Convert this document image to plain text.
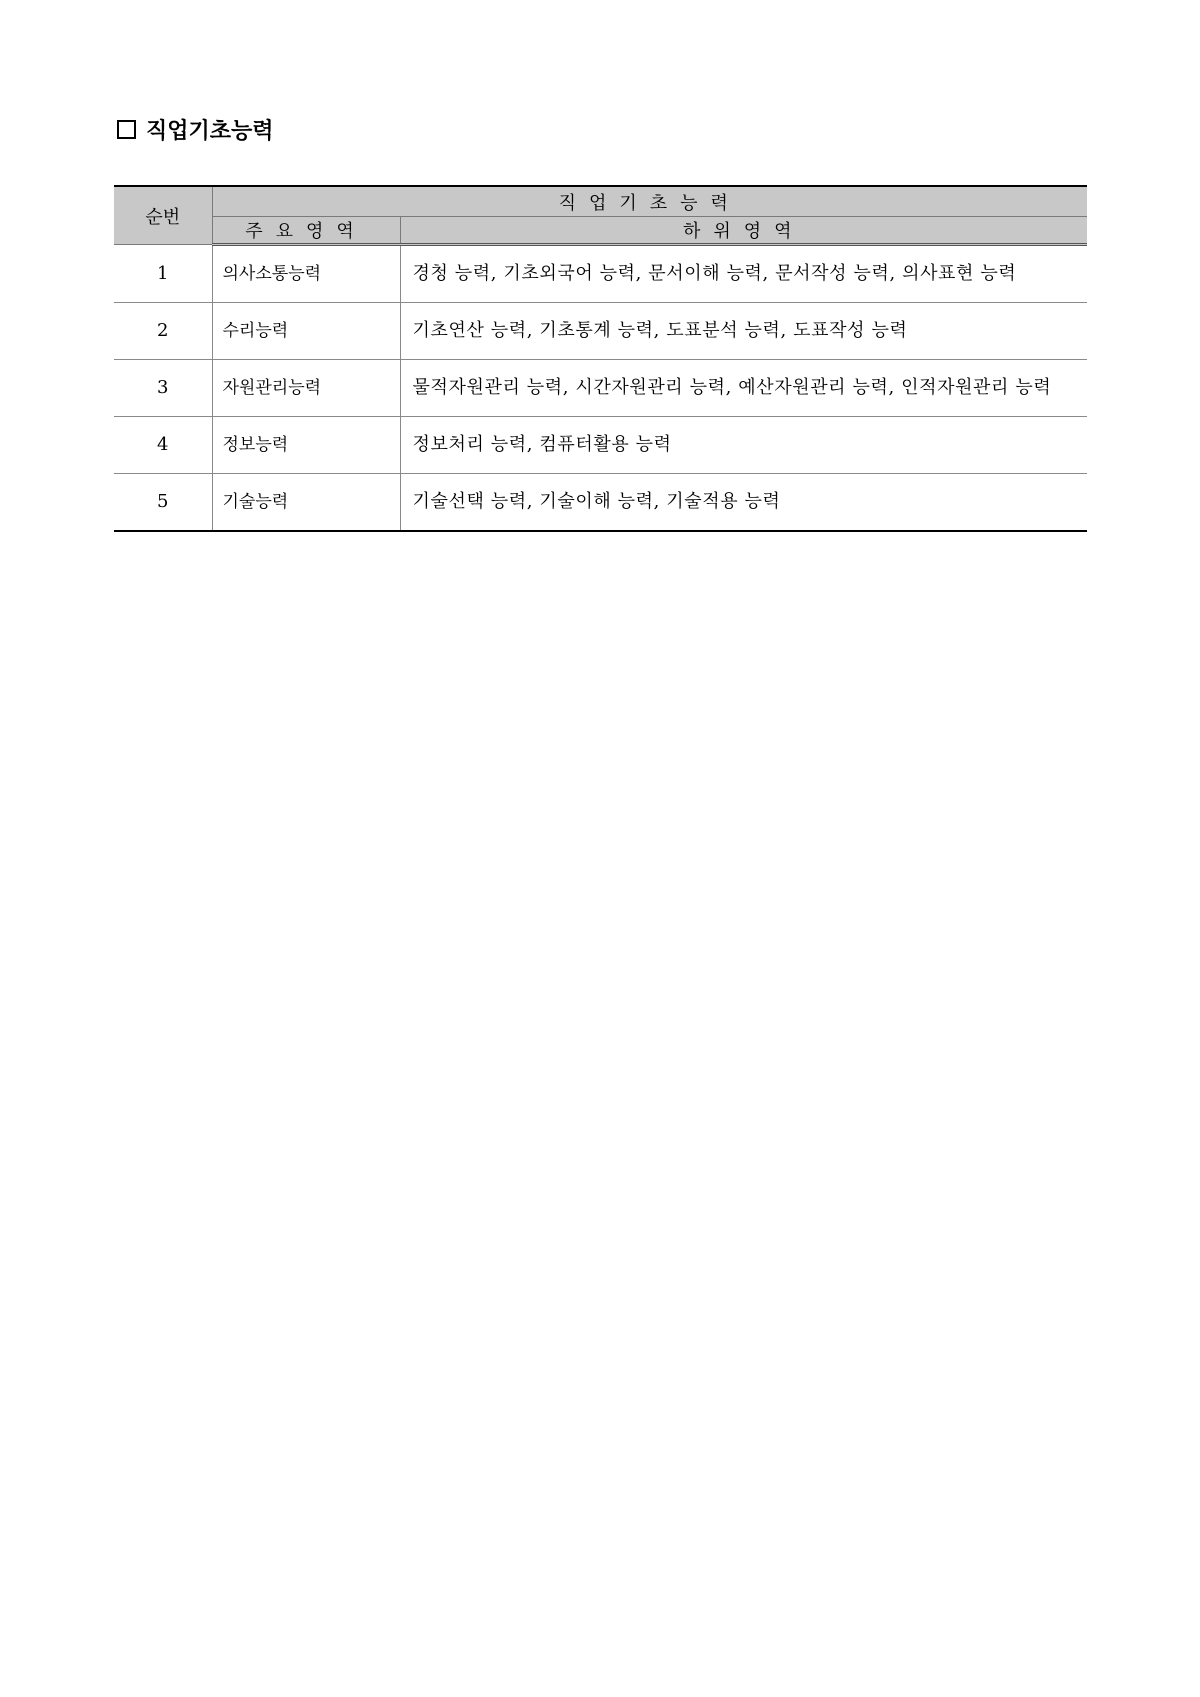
직업기초능력
순번	직업기초능력	
	주요영역	하위영역
1	의사소통능력	경청 능력, 기초외국어 능력, 문서이해 능력, 문서작성 능력, 의사표현 능력
2	수리능력	기초연산 능력, 기초통계 능력, 도표분석 능력, 도표작성 능력
3	자원관리능력	물적자원관리 능력, 시간자원관리 능력, 예산자원관리 능력, 인적자원관리 능력
4	정보능력	정보처리 능력, 컴퓨터활용 능력
5	기술능력	기술선택 능력, 기술이해 능력, 기술적용 능력
